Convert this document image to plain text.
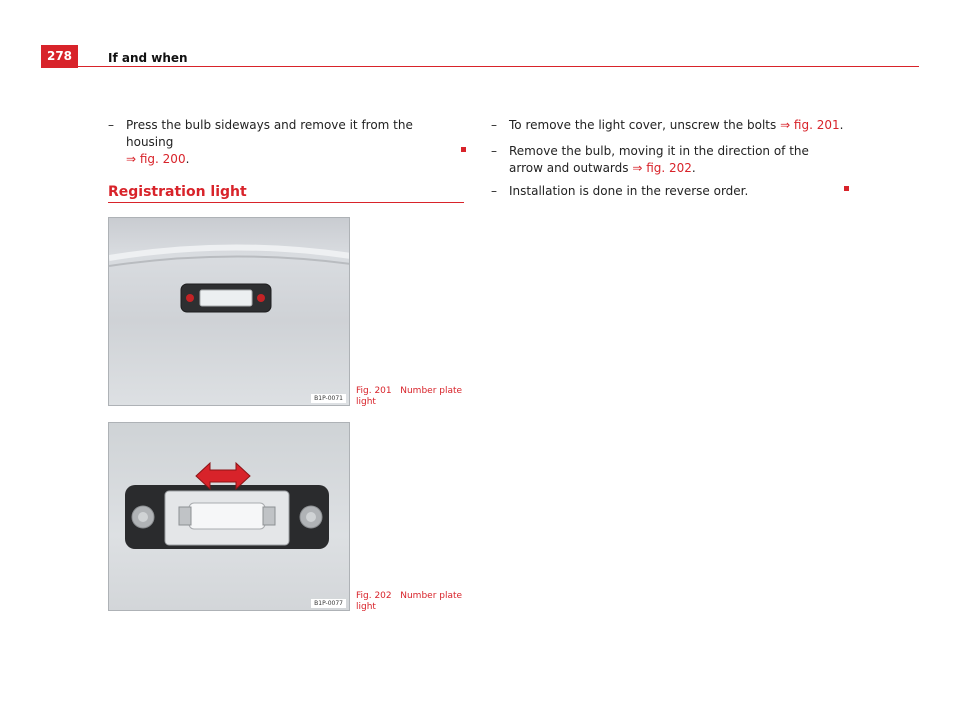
278	If and when
– Press the bulb sideways and remove it from the housing
⇒ fig. 200.
Registration light
B1P-0071
Fig. 201 Number plate light
B1P-0077
Fig. 202 Number plate light
– To remove the light cover, unscrew the bolts ⇒ fig. 201.
– Remove the bulb, moving it in the direction of the arrow and outwards ⇒ fig. 202.
– Installation is done in the reverse order.
